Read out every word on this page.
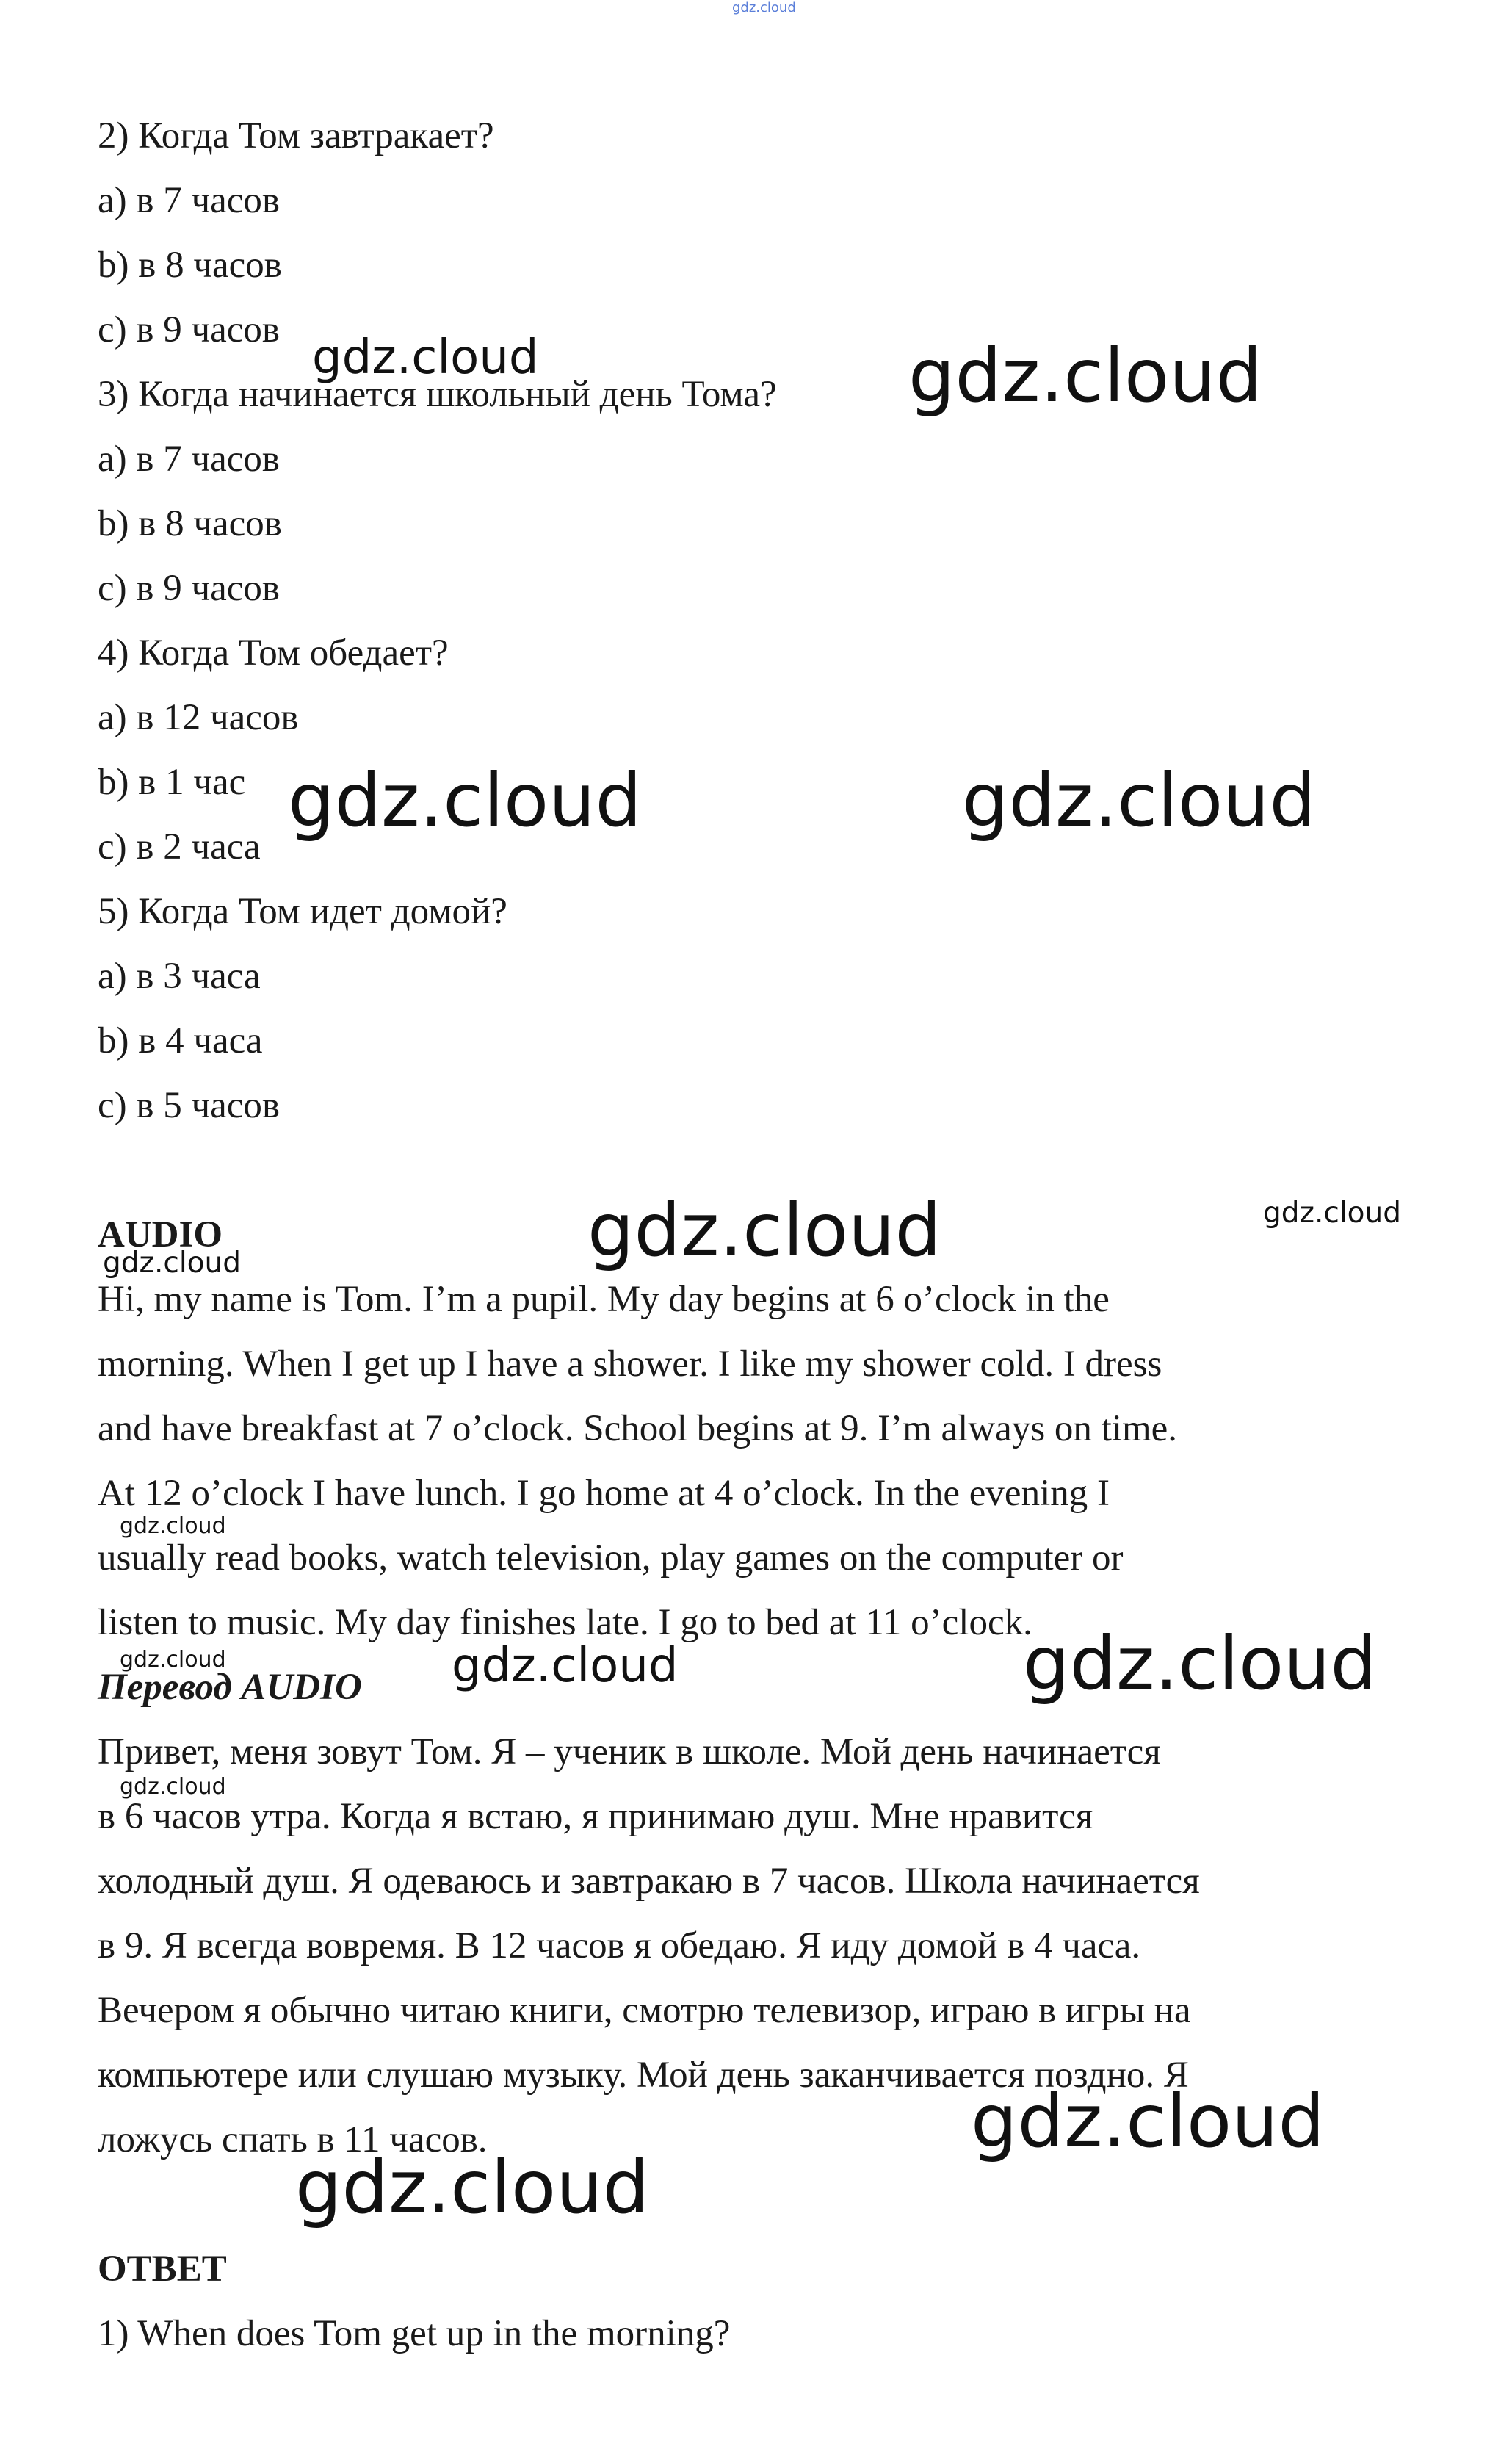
2) Когда Том завтракает?

a) в 7 часов

b) в 8 часов

c) в 9 часов

3) Когда начинается школьный день Тома?

a) в 7 часов

b) в 8 часов

c) в 9 часов

4) Когда Том обедает?

a) в 12 часов

b) в 1 час

c) в 2 часа

5) Когда Том идет домой?

a) в 3 часа

b) в 4 часа

c) в 5 часов

AUDIO

Hi, my name is Tom. I’m a pupil. My day begins at 6 o’clock in the

morning. When I get up I have a shower. I like my shower cold. I dress

and have breakfast at 7 o’clock. School begins at 9. I’m always on time.

At 12 o’clock I have lunch. I go home at 4 o’clock. In the evening I

usually read books, watch television, play games on the computer or

listen to music. My day finishes late. I go to bed at 11 o’clock.

Перевод AUDIO

Привет, меня зовут Том. Я – ученик в школе. Мой день начинается

в 6 часов утра. Когда я встаю, я принимаю душ. Мне нравится

холодный душ. Я одеваюсь и завтракаю в 7 часов. Школа начинается

в 9. Я всегда вовремя. В 12 часов я обедаю. Я иду домой в 4 часа.

Вечером я обычно читаю книги, смотрю телевизор, играю в игры на

компьютере или слушаю музыку. Мой день заканчивается поздно. Я

ложусь спать в 11 часов.

ОТВЕТ

1) When does Tom get up in the morning?

gdz.cloud
gdz.cloud	gdz.cloud
gdz.cloud	gdz.cloud
gdz.cloud	gdz.cloud
gdz.cloud
gdz.cloud
gdz.cloud	gdz.cloud	gdz.cloud
gdz.cloud
gdz.cloud
gdz.cloud
